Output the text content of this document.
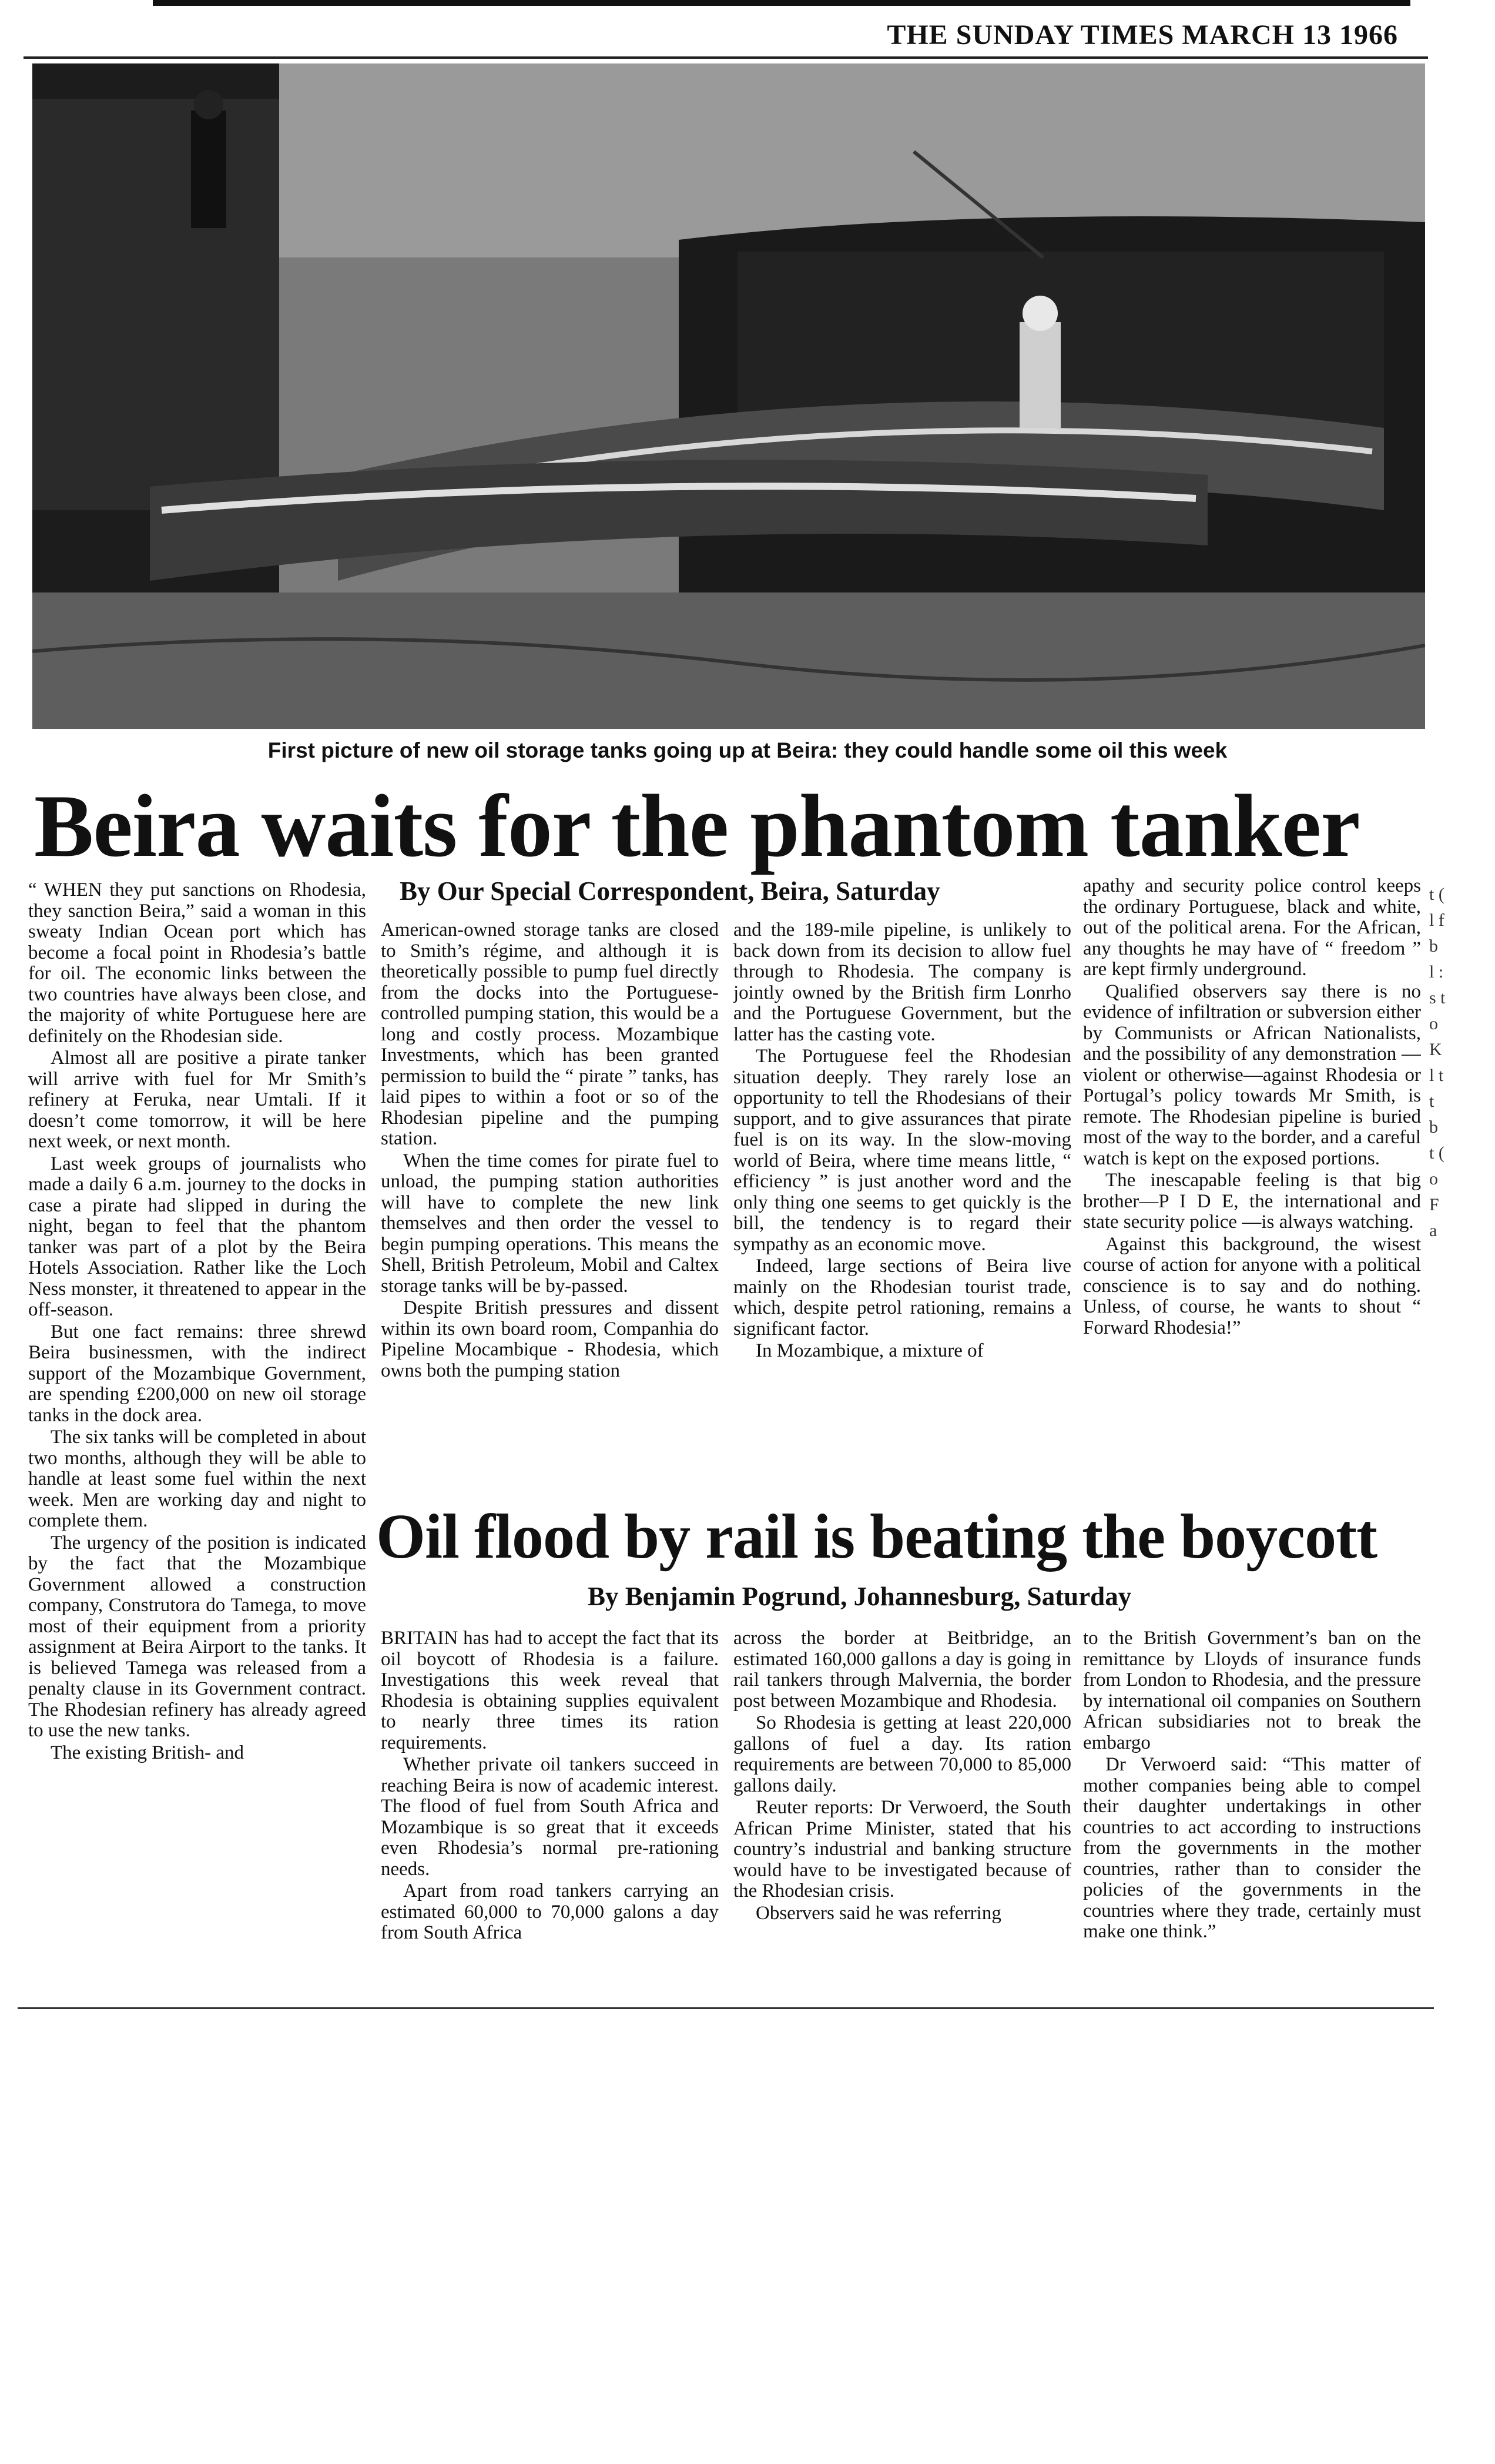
THE SUNDAY TIMES MARCH 13 1966
First picture of new oil storage tanks going up at Beira: they could handle some oil this week
Beira waits for the phantom tanker
By Our Special Correspondent, Beira, Saturday

“ WHEN they put sanctions on Rhodesia, they sanction Beira,” said a woman in this sweaty Indian Ocean port which has become a focal point in Rhodesia’s battle for oil. The economic links between the two countries have always been close, and the majority of white Portuguese here are definitely on the Rhodesian side.

Almost all are positive a pirate tanker will arrive with fuel for Mr Smith’s refinery at Feruka, near Umtali. If it doesn’t come tomorrow, it will be here next week, or next month.

Last week groups of journalists who made a daily 6 a.m. journey to the docks in case a pirate had slipped in during the night, began to feel that the phantom tanker was part of a plot by the Beira Hotels Association. Rather like the Loch Ness monster, it threatened to appear in the off-season.

But one fact remains: three shrewd Beira businessmen, with the indirect support of the Mozambique Government, are spending £200,000 on new oil storage tanks in the dock area.

The six tanks will be completed in about two months, although they will be able to handle at least some fuel within the next week. Men are working day and night to complete them.

The urgency of the position is indicated by the fact that the Mozambique Government allowed a construction company, Construtora do Tamega, to move most of their equipment from a priority assignment at Beira Airport to the tanks. It is believed Tamega was released from a penalty clause in its Government contract. The Rhodesian refinery has already agreed to use the new tanks.

The existing British- and

American-owned storage tanks are closed to Smith’s régime, and although it is theoretically possible to pump fuel directly from the docks into the Portuguese-controlled pumping station, this would be a long and costly process. Mozambique Investments, which has been granted permission to build the “ pirate ” tanks, has laid pipes to within a foot or so of the Rhodesian pipeline and the pumping station.

When the time comes for pirate fuel to unload, the pumping station authorities will have to complete the new link themselves and then order the vessel to begin pumping operations. This means the Shell, British Petroleum, Mobil and Caltex storage tanks will be by-passed.

Despite British pressures and dissent within its own board room, Companhia do Pipeline Mocambique - Rhodesia, which owns both the pumping station

and the 189-mile pipeline, is unlikely to back down from its decision to allow fuel through to Rhodesia. The company is jointly owned by the British firm Lonrho and the Portuguese Government, but the latter has the casting vote.

The Portuguese feel the Rhodesian situation deeply. They rarely lose an opportunity to tell the Rhodesians of their support, and to give assurances that pirate fuel is on its way. In the slow-moving world of Beira, where time means little, “ efficiency ” is just another word and the only thing one seems to get quickly is the bill, the tendency is to regard their sympathy as an economic move.

Indeed, large sections of Beira live mainly on the Rhodesian tourist trade, which, despite petrol rationing, remains a significant factor.

In Mozambique, a mixture of

apathy and security police control keeps the ordinary Portuguese, black and white, out of the political arena. For the African, any thoughts he may have of “ freedom ” are kept firmly underground.

Qualified observers say there is no evidence of infiltration or subversion either by Communists or African Nationalists, and the possibility of any demonstration —violent or otherwise—against Rhodesia or Portugal’s policy towards Mr Smith, is remote. The Rhodesian pipeline is buried most of the way to the border, and a careful watch is kept on the exposed portions.

The inescapable feeling is that big brother—P I D E, the international and state security police —is always watching.

Against this background, the wisest course of action for anyone with a political conscience is to say and do nothing. Unless, of course, he wants to shout “ Forward Rhodesia!”

Oil flood by rail is beating the boycott
By Benjamin Pogrund, Johannesburg, Saturday

BRITAIN has had to accept the fact that its oil boycott of Rhodesia is a failure. Investigations this week reveal that Rhodesia is obtaining supplies equivalent to nearly three times its ration requirements.

Whether private oil tankers succeed in reaching Beira is now of academic interest. The flood of fuel from South Africa and Mozambique is so great that it exceeds even Rhodesia’s normal pre-rationing needs.

Apart from road tankers carrying an estimated 60,000 to 70,000 galons a day from South Africa

across the border at Beitbridge, an estimated 160,000 gallons a day is going in rail tankers through Malvernia, the border post between Mozambique and Rhodesia.

So Rhodesia is getting at least 220,000 gallons of fuel a day. Its ration requirements are between 70,000 to 85,000 gallons daily.

Reuter reports: Dr Verwoerd, the South African Prime Minister, stated that his country’s industrial and banking structure would have to be investigated because of the Rhodesian crisis.

Observers said he was referring

to the British Government’s ban on the remittance by Lloyds of insurance funds from London to Rhodesia, and the pressure by international oil companies on Southern African subsidiaries not to break the embargo

Dr Verwoerd said: “This matter of mother companies being able to compel their daughter undertakings in other countries to act according to instructions from the governments in the mother countries, rather than to consider the policies of the governments in the countries where they trade, certainly must make one think.”

t ( l f b l : s t o K l t t b t ( o F a
